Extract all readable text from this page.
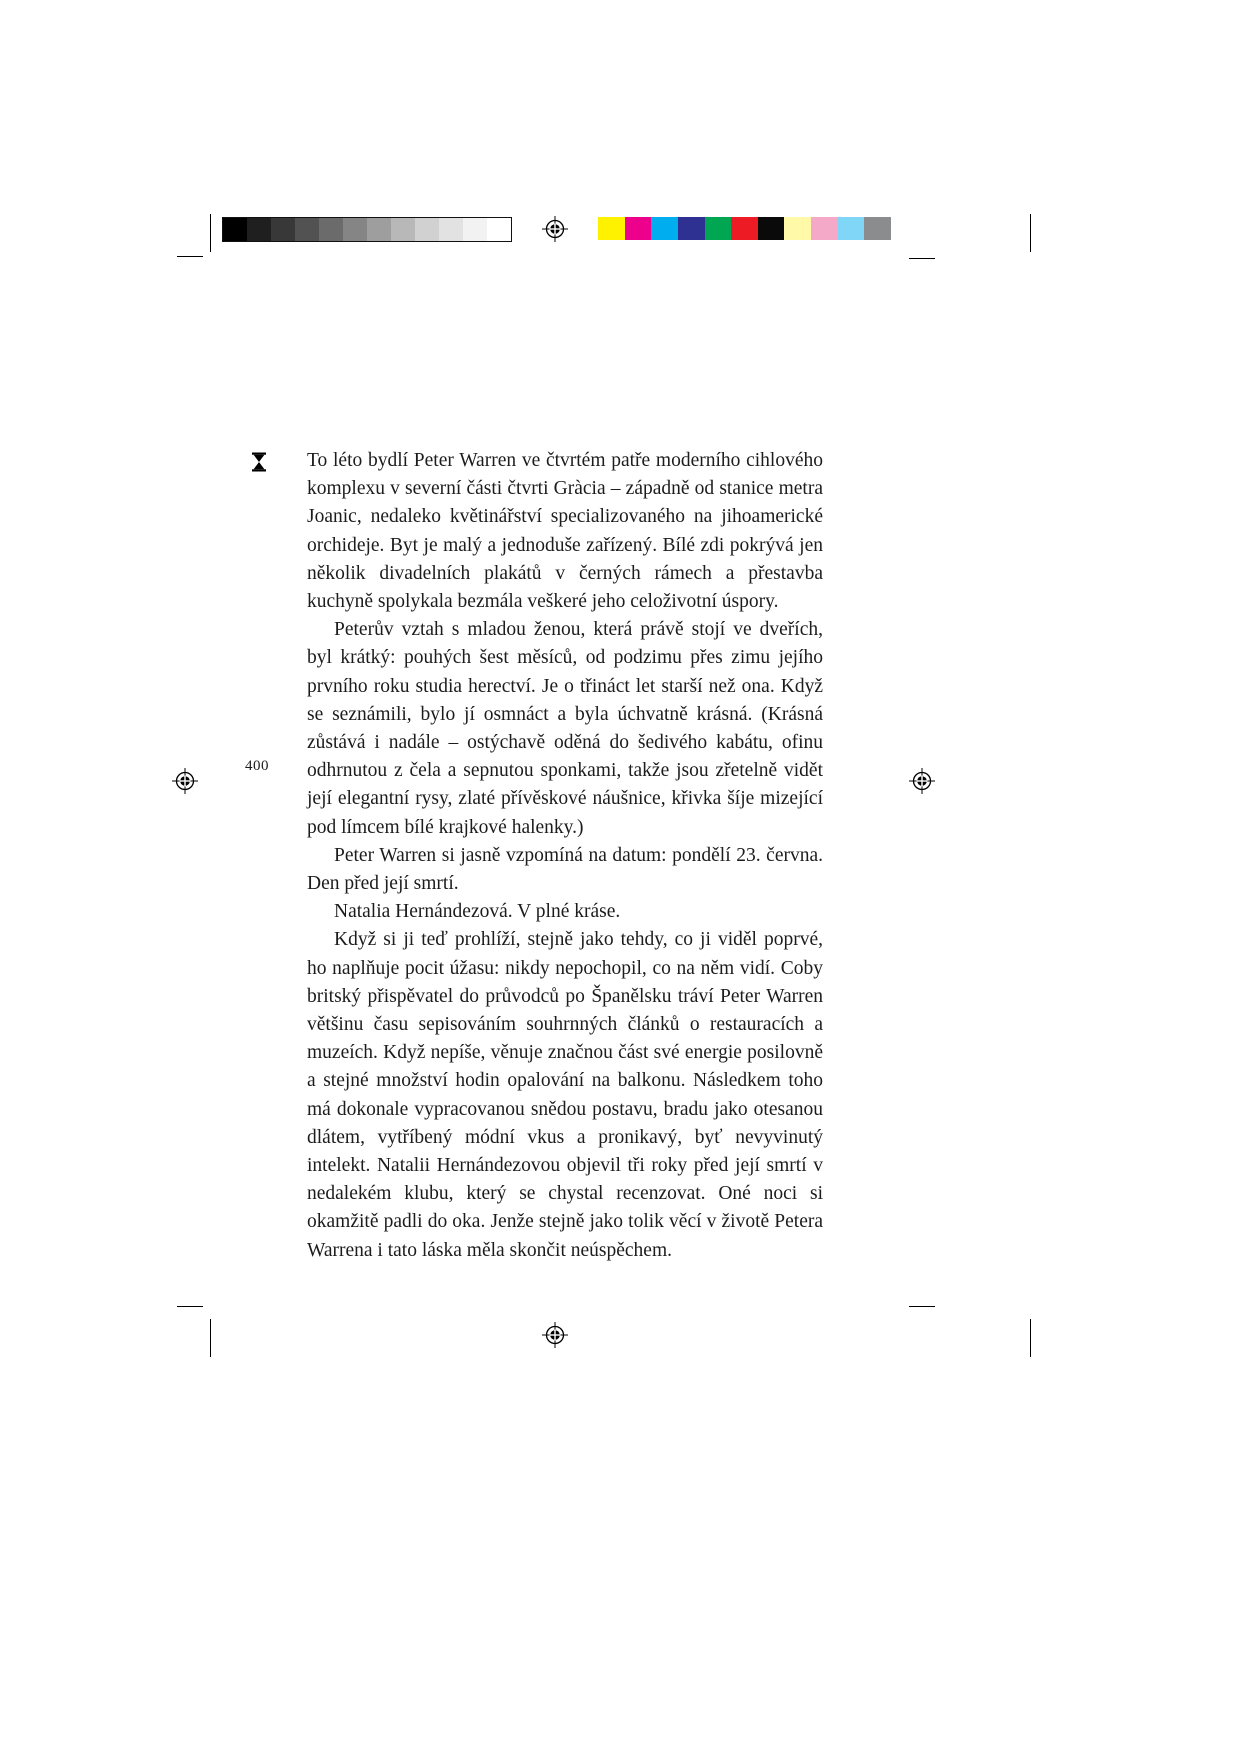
400

To léto bydlí Peter Warren ve čtvrtém patře moderního cihlového komplexu v severní části čtvrti Gràcia – západně od stanice metra Joanic, nedaleko květinářství specializovaného na jihoamerické orchideje. Byt je malý a jednoduše zařízený. Bílé zdi pokrývá jen několik divadelních plakátů v černých rámech a přestavba kuchyně spolykala bezmála veškeré jeho celoživotní úspory.

Peterův vztah s mladou ženou, která právě stojí ve dveřích, byl krátký: pouhých šest měsíců, od podzimu přes zimu jejího prvního roku studia herectví. Je o třináct let starší než ona. Když se seznámili, bylo jí osmnáct a byla úchvatně krásná. (Krásná zůstává i nadále – ostýchavě oděná do šedivého kabátu, ofinu odhrnutou z čela a sepnutou sponkami, takže jsou zřetelně vidět její elegantní rysy, zlaté přívěskové náušnice, křivka šíje mizející pod límcem bílé krajkové halenky.)

Peter Warren si jasně vzpomíná na datum: pondělí 23. června. Den před její smrtí.

Natalia Hernándezová. V plné kráse.

Když si ji teď prohlíží, stejně jako tehdy, co ji viděl poprvé, ho naplňuje pocit úžasu: nikdy nepochopil, co na něm vidí. Coby britský přispěvatel do průvodců po Španělsku tráví Peter Warren většinu času sepisováním souhrnných článků o restauracích a muzeích. Když nepíše, věnuje značnou část své energie posilovně a stejné množství hodin opalování na balkonu. Následkem toho má dokonale vypracovanou snědou postavu, bradu jako otesanou dlátem, vytříbený módní vkus a pronikavý, byť nevyvinutý intelekt. Natalii Hernándezovou objevil tři roky před její smrtí v nedalekém klubu, který se chystal recenzovat. Oné noci si okamžitě padli do oka. Jenže stejně jako tolik věcí v životě Petera Warrena i tato láska měla skončit neúspěchem.
